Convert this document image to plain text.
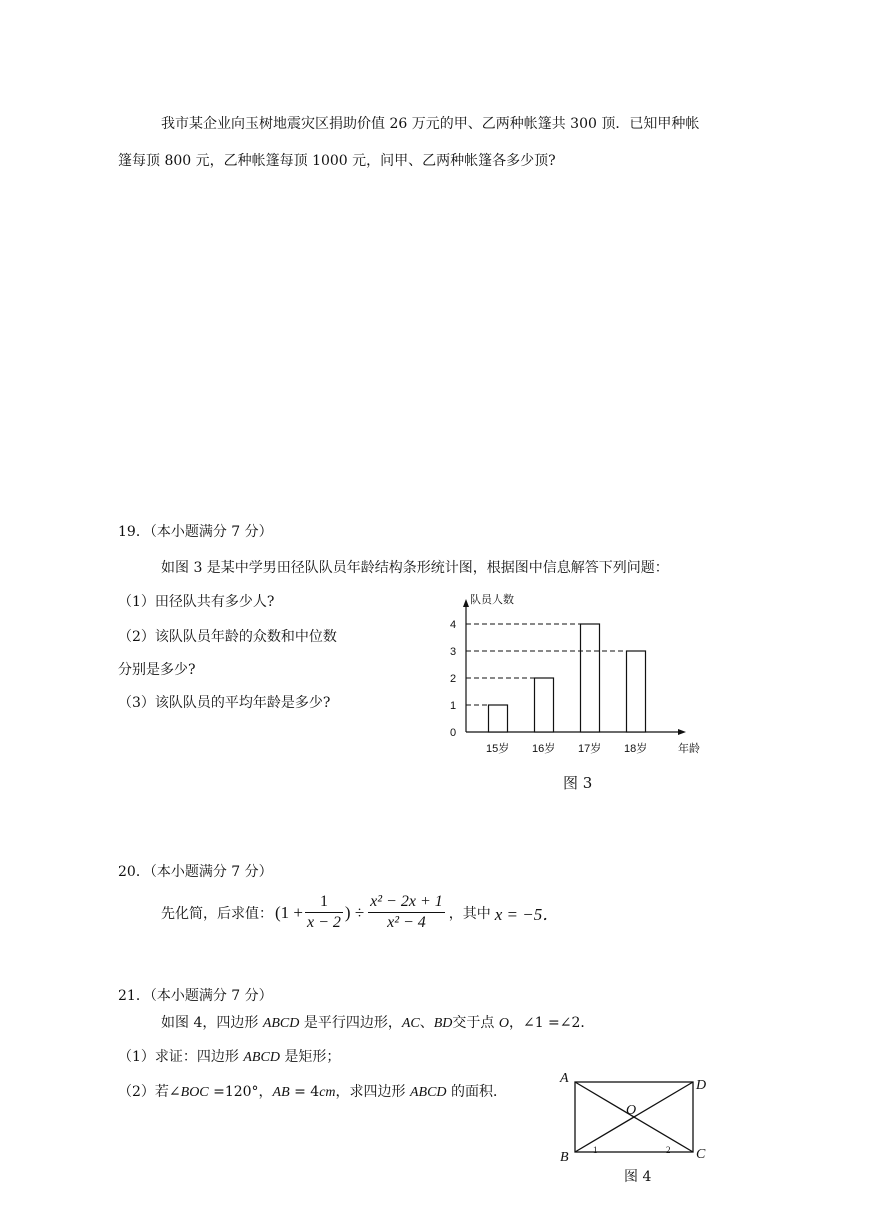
我市某企业向玉树地震灾区捐助价值 26 万元的甲、乙两种帐篷共 300 顶．已知甲种帐
篷每顶 800 元，乙种帐篷每顶 1000 元，问甲、乙两种帐篷各多少顶?
19．（本小题满分 7 分）
如图 3 是某中学男田径队队员年龄结构条形统计图，根据图中信息解答下列问题：
（1）田径队共有多少人?
（2）该队队员年龄的众数和中位数
分别是多少?
（3）该队队员的平均年龄是多少?
队员人数
年龄
0
1
2
3
4
15岁 16岁 17岁 18岁
图 3
20．（本小题满分 7 分）
先化简，后求值： ($1 + \frac{1}{x - 2}$ ) ÷ $\frac{\text{x² − 2x + 1}}{\text{x² − 4}}$ ，其中 x = −5．
21．（本小题满分 7 分）
如图 4，四边形 ABCD 是平行四边形，AC、BD交于点 O，∠1 =∠2．
（1）求证：四边形 ABCD 是矩形；
（2）若∠BOC =120°，AB = 4cm，求四边形 ABCD 的面积．
A	D
O
B	C
1	2
图 4
